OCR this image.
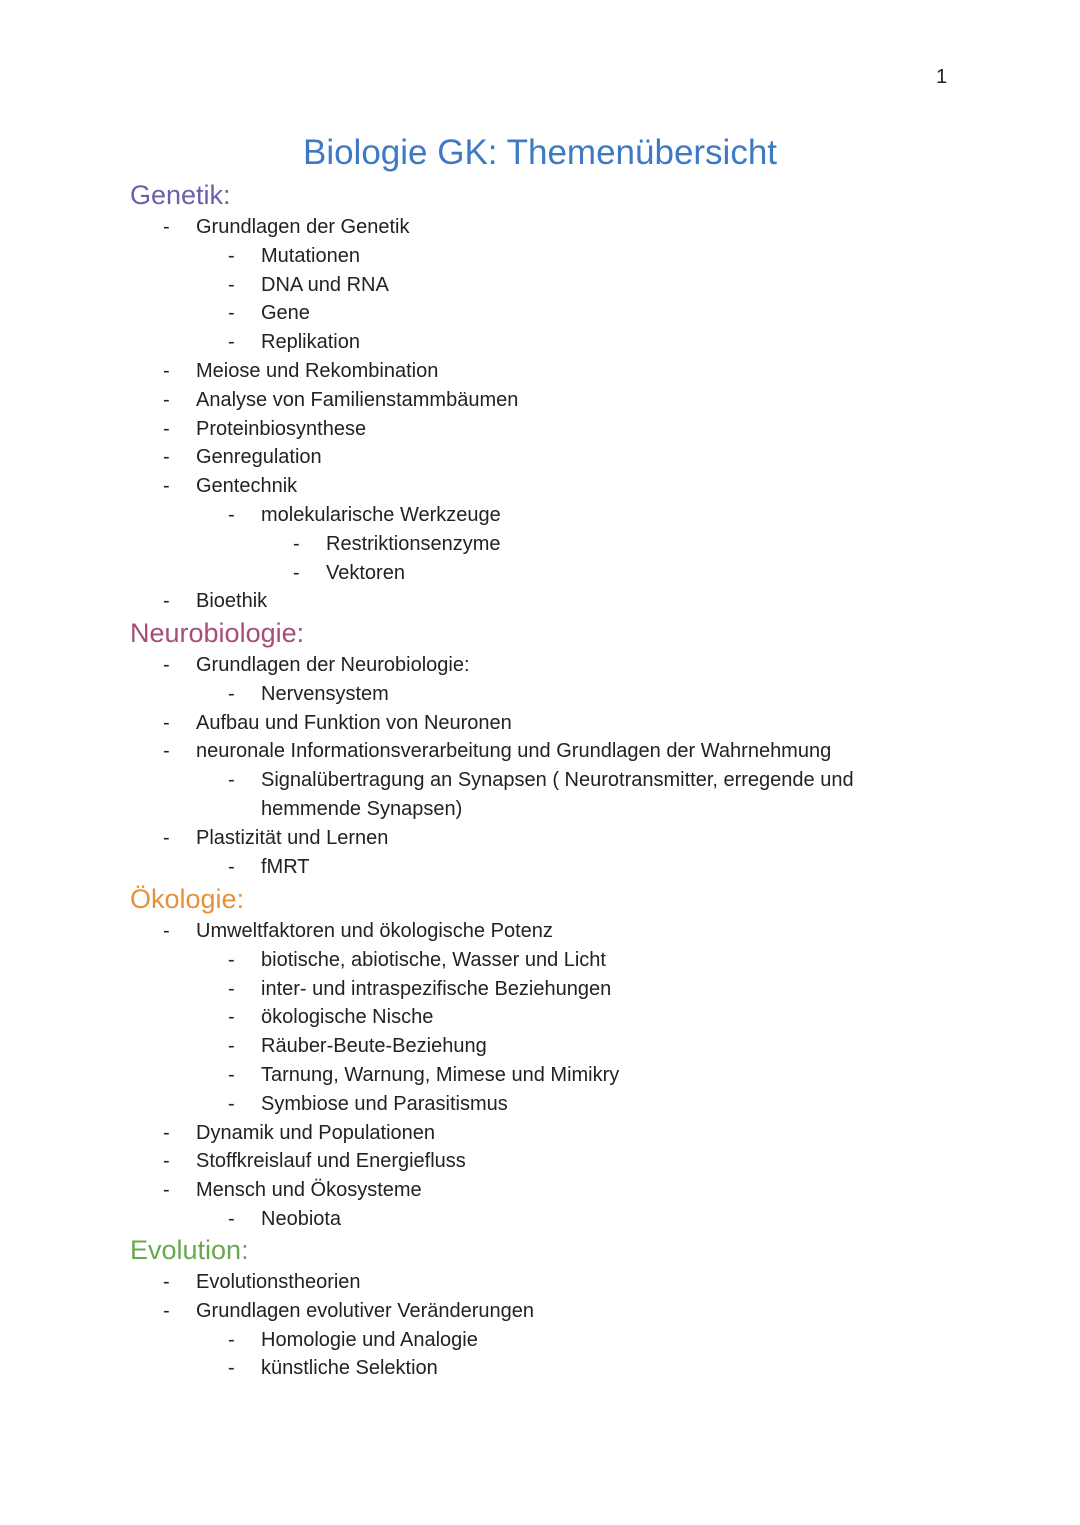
1
Biologie GK: Themenübersicht
Genetik:
-	Grundlagen der Genetik
-	Mutationen
-	DNA und RNA
-	Gene
-	Replikation
-	Meiose und Rekombination
-	Analyse von Familienstammbäumen
-	Proteinbiosynthese
-	Genregulation
-	Gentechnik
-	molekularische Werkzeuge
-	Restriktionsenzyme
-	Vektoren
-	Bioethik
Neurobiologie:
-	Grundlagen der Neurobiologie:
-	Nervensystem
-	Aufbau und Funktion von Neuronen
-	neuronale Informationsverarbeitung und Grundlagen der Wahrnehmung
-	Signalübertragung an Synapsen ( Neurotransmitter, erregende und hemmende Synapsen)
-	Plastizität und Lernen
-	fMRT
Ökologie:
-	Umweltfaktoren und ökologische Potenz
-	biotische, abiotische, Wasser und Licht
-	inter- und intraspezifische Beziehungen
-	ökologische Nische
-	Räuber-Beute-Beziehung
-	Tarnung, Warnung, Mimese und Mimikry
-	Symbiose und Parasitismus
-	Dynamik und Populationen
-	Stoffkreislauf und Energiefluss
-	Mensch und Ökosysteme
-	Neobiota
Evolution:
-	Evolutionstheorien
-	Grundlagen evolutiver Veränderungen
-	Homologie und Analogie
-	künstliche Selektion
